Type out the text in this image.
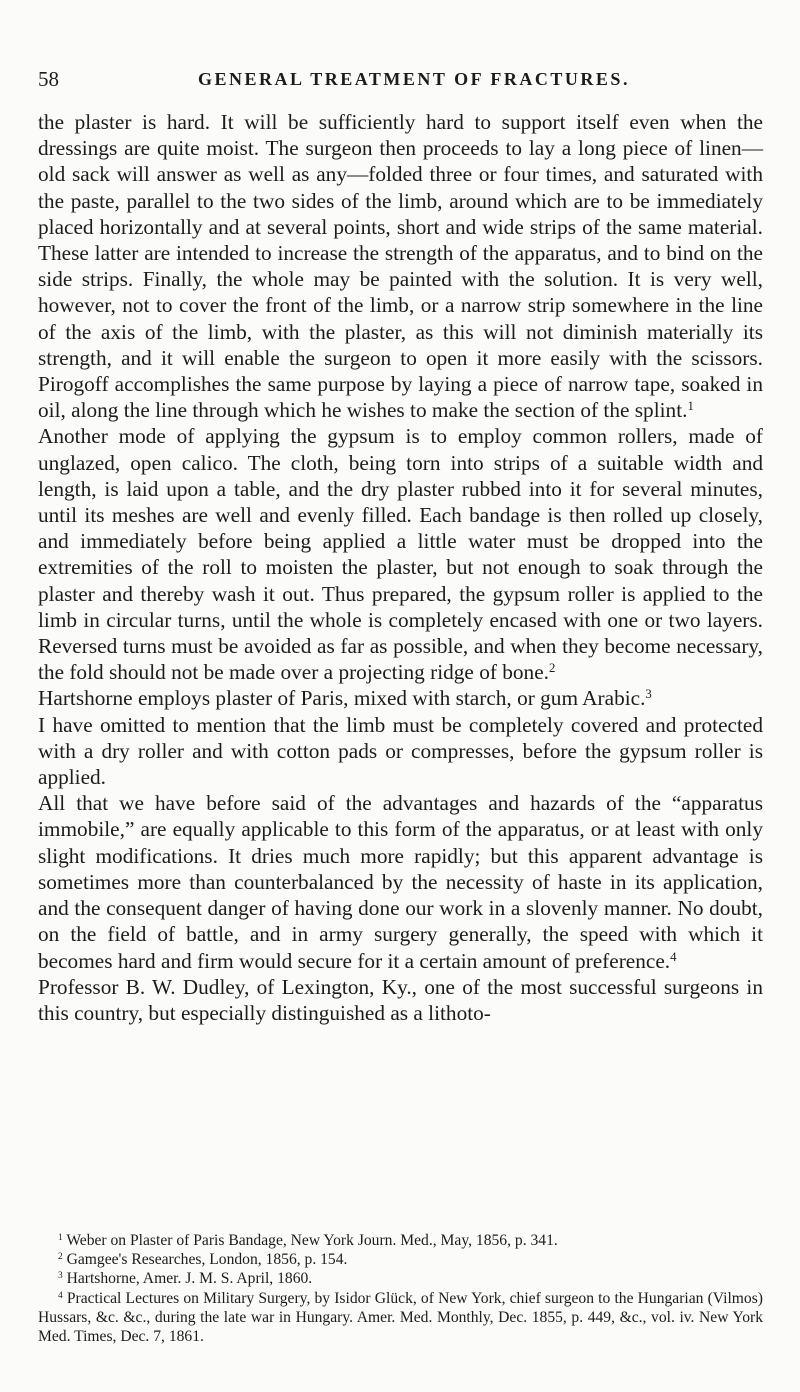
58	GENERAL TREATMENT OF FRACTURES.

the plaster is hard. It will be sufficiently hard to support itself even when the dressings are quite moist. The surgeon then proceeds to lay a long piece of linen—old sack will answer as well as any—folded three or four times, and saturated with the paste, parallel to the two sides of the limb, around which are to be immediately placed horizontally and at several points, short and wide strips of the same material. These latter are intended to increase the strength of the apparatus, and to bind on the side strips. Finally, the whole may be painted with the solution. It is very well, however, not to cover the front of the limb, or a narrow strip somewhere in the line of the axis of the limb, with the plaster, as this will not diminish materially its strength, and it will enable the surgeon to open it more easily with the scissors. Pirogoff accomplishes the same purpose by laying a piece of narrow tape, soaked in oil, along the line through which he wishes to make the section of the splint.$^1$

Another mode of applying the gypsum is to employ common rollers, made of unglazed, open calico. The cloth, being torn into strips of a suitable width and length, is laid upon a table, and the dry plaster rubbed into it for several minutes, until its meshes are well and evenly filled. Each bandage is then rolled up closely, and immediately before being applied a little water must be dropped into the extremities of the roll to moisten the plaster, but not enough to soak through the plaster and thereby wash it out. Thus prepared, the gypsum roller is applied to the limb in circular turns, until the whole is completely encased with one or two layers. Reversed turns must be avoided as far as possible, and when they become necessary, the fold should not be made over a projecting ridge of bone.$^2$

Hartshorne employs plaster of Paris, mixed with starch, or gum Arabic.$^3$

I have omitted to mention that the limb must be completely covered and protected with a dry roller and with cotton pads or compresses, before the gypsum roller is applied.

All that we have before said of the advantages and hazards of the “apparatus immobile,” are equally applicable to this form of the apparatus, or at least with only slight modifications. It dries much more rapidly; but this apparent advantage is sometimes more than counterbalanced by the necessity of haste in its application, and the consequent danger of having done our work in a slovenly manner. No doubt, on the field of battle, and in army surgery generally, the speed with which it becomes hard and firm would secure for it a certain amount of preference.$^4$

Professor B. W. Dudley, of Lexington, Ky., one of the most successful surgeons in this country, but especially distinguished as a lithoto-

$^1$ Weber on Plaster of Paris Bandage, New York Journ. Med., May, 1856, p. 341.

$^2$ Gamgee's Researches, London, 1856, p. 154.

$^3$ Hartshorne, Amer. J. M. S. April, 1860.

$^4$ Practical Lectures on Military Surgery, by Isidor Glück, of New York, chief surgeon to the Hungarian (Vilmos) Hussars, &c. &c., during the late war in Hungary. Amer. Med. Monthly, Dec. 1855, p. 449, &c., vol. iv. New York Med. Times, Dec. 7, 1861.
